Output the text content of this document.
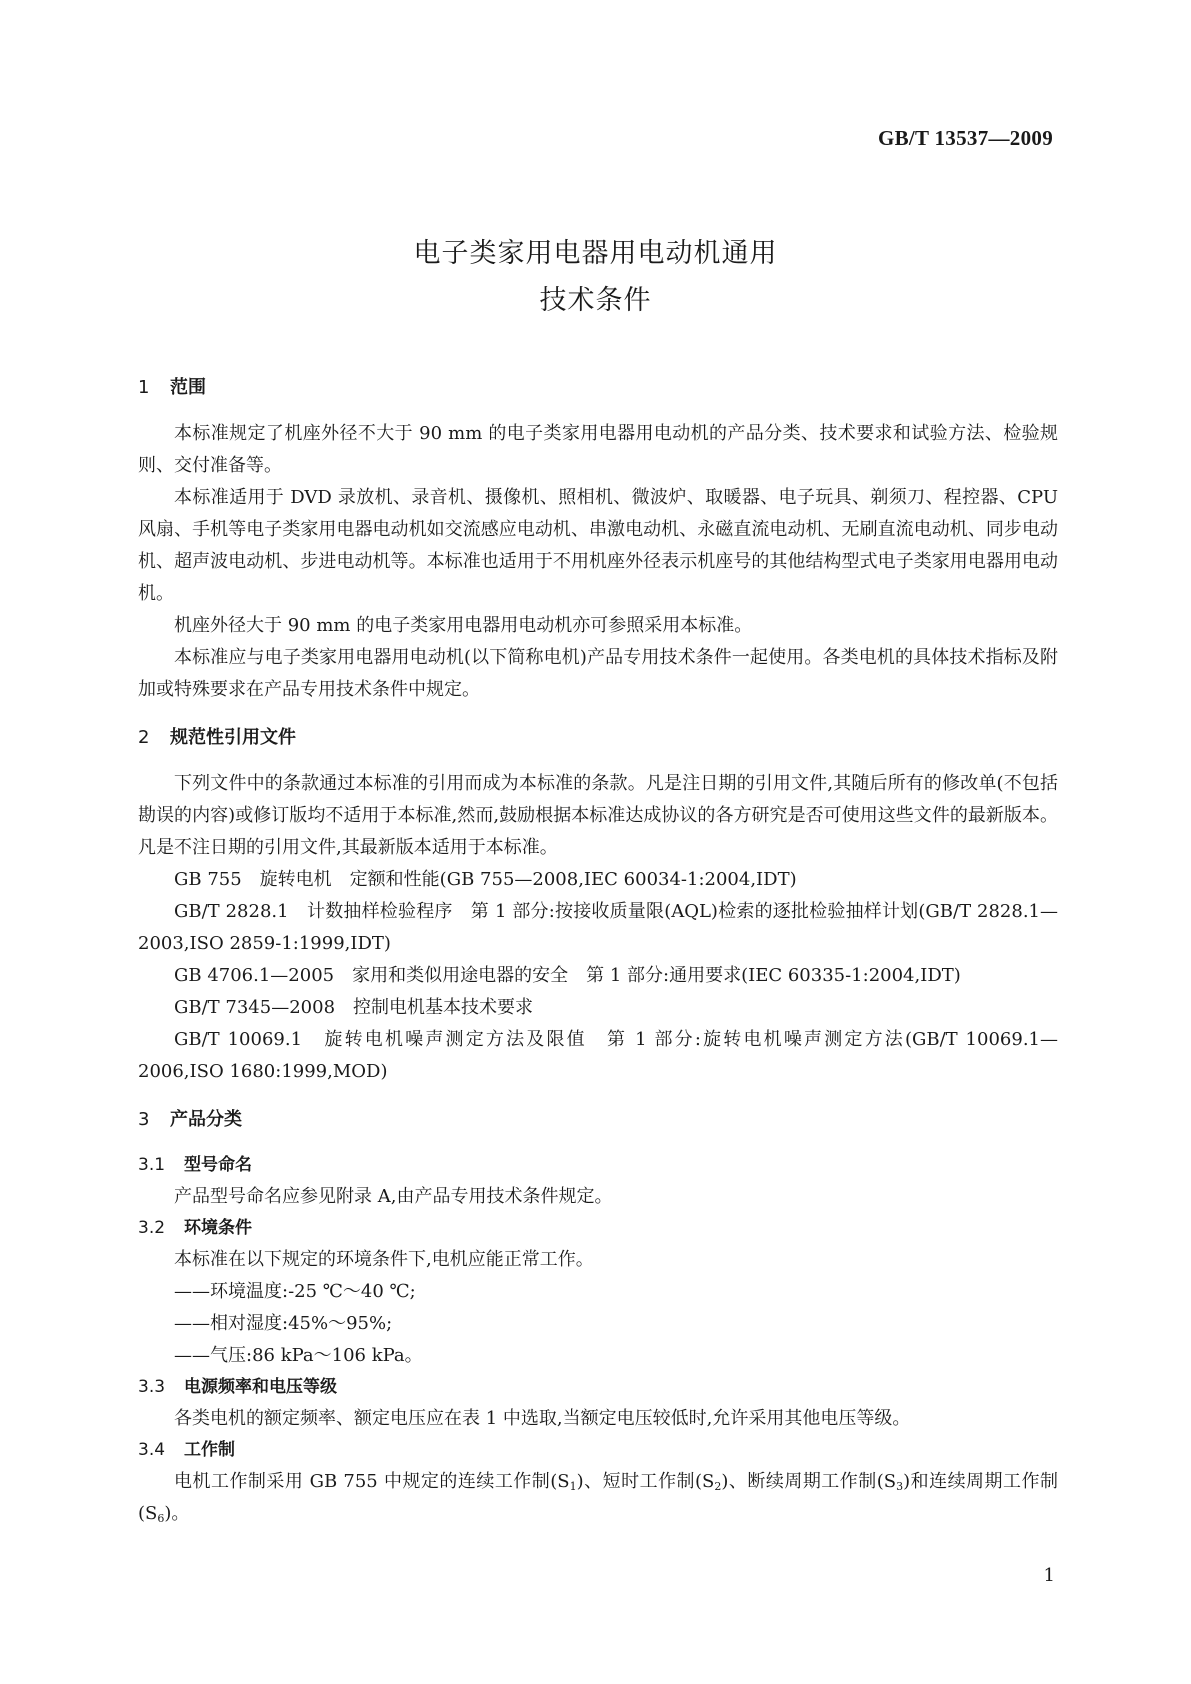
GB/T 13537—2009
电子类家用电器用电动机通用
技术条件
1 范围

本标准规定了机座外径不大于 90 mm 的电子类家用电器用电动机的产品分类、技术要求和试验方法、检验规则、交付准备等。

本标准适用于 DVD 录放机、录音机、摄像机、照相机、微波炉、取暖器、电子玩具、剃须刀、程控器、CPU 风扇、手机等电子类家用电器电动机如交流感应电动机、串激电动机、永磁直流电动机、无刷直流电动机、同步电动机、超声波电动机、步进电动机等。本标准也适用于不用机座外径表示机座号的其他结构型式电子类家用电器用电动机。

机座外径大于 90 mm 的电子类家用电器用电动机亦可参照采用本标准。

本标准应与电子类家用电器用电动机(以下简称电机)产品专用技术条件一起使用。各类电机的具体技术指标及附加或特殊要求在产品专用技术条件中规定。

2 规范性引用文件

下列文件中的条款通过本标准的引用而成为本标准的条款。凡是注日期的引用文件,其随后所有的修改单(不包括勘误的内容)或修订版均不适用于本标准,然而,鼓励根据本标准达成协议的各方研究是否可使用这些文件的最新版本。凡是不注日期的引用文件,其最新版本适用于本标准。

GB 755　旋转电机　定额和性能(GB 755—2008,IEC 60034-1:2004,IDT)
GB/T 2828.1　计数抽样检验程序　第 1 部分:按接收质量限(AQL)检索的逐批检验抽样计划(GB/T 2828.1—2003,ISO 2859-1:1999,IDT)
GB 4706.1—2005　家用和类似用途电器的安全　第 1 部分:通用要求(IEC 60335-1:2004,IDT)
GB/T 7345—2008　控制电机基本技术要求
GB/T 10069.1　旋转电机噪声测定方法及限值　第 1 部分:旋转电机噪声测定方法(GB/T 10069.1—2006,ISO 1680:1999,MOD)
3 产品分类
3.1 型号命名

产品型号命名应参见附录 A,由产品专用技术条件规定。

3.2 环境条件

本标准在以下规定的环境条件下,电机应能正常工作。

——环境温度:-25 ℃～40 ℃;
——相对湿度:45%～95%;
——气压:86 kPa～106 kPa。
3.3 电源频率和电压等级

各类电机的额定频率、额定电压应在表 1 中选取,当额定电压较低时,允许采用其他电压等级。

3.4 工作制

电机工作制采用 GB 755 中规定的连续工作制$(S_1)$、短时工作制$(S_2)$、断续周期工作制$(S_3)$和连续周期工作制$(S_6)$。

1
